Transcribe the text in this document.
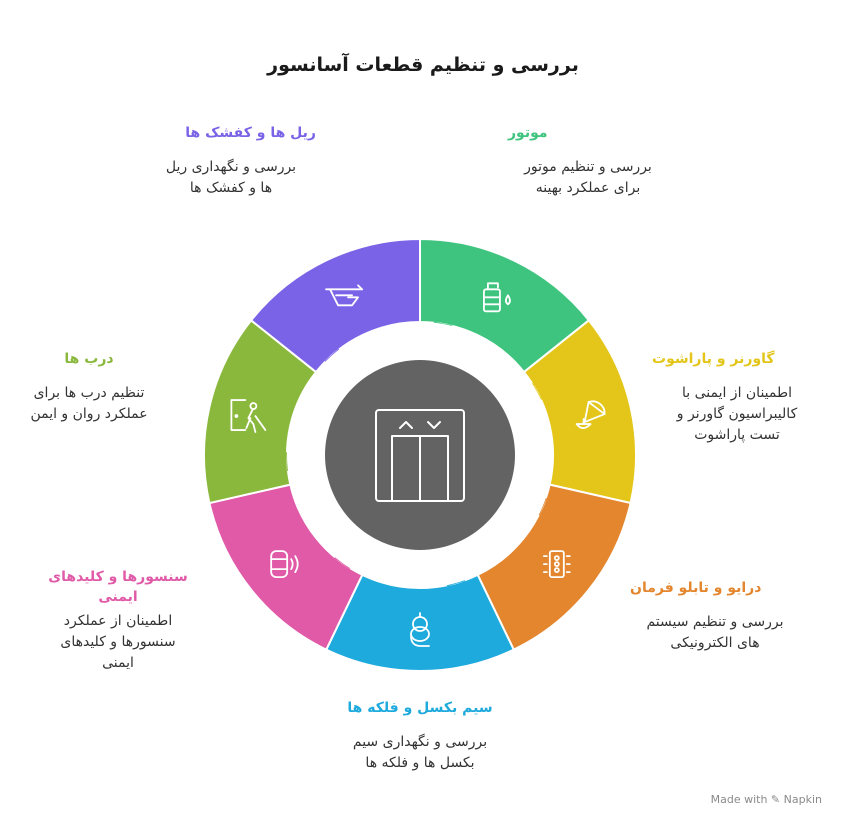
بررسی و تنظیم قطعات آسانسور
ریل ها و کفشک ها
بررسی و نگهداری ریل
ها و کفشک ها
موتور
بررسی و تنظیم موتور
برای عملکرد بهینه
گاورنر و پاراشوت
اطمینان از ایمنی با
کالیبراسیون گاورنر و
تست پاراشوت
درب ها
تنظیم درب ها برای
عملکرد روان و ایمن
درایو و تابلو فرمان
بررسی و تنظیم سیستم
های الکترونیکی
سنسورها و کلیدهای ایمنی
اطمینان از عملکرد
سنسورها و کلیدهای
ایمنی
سیم بکسل و فلکه ها
بررسی و نگهداری سیم
بکسل ها و فلکه ها
Made with ✎ Napkin
